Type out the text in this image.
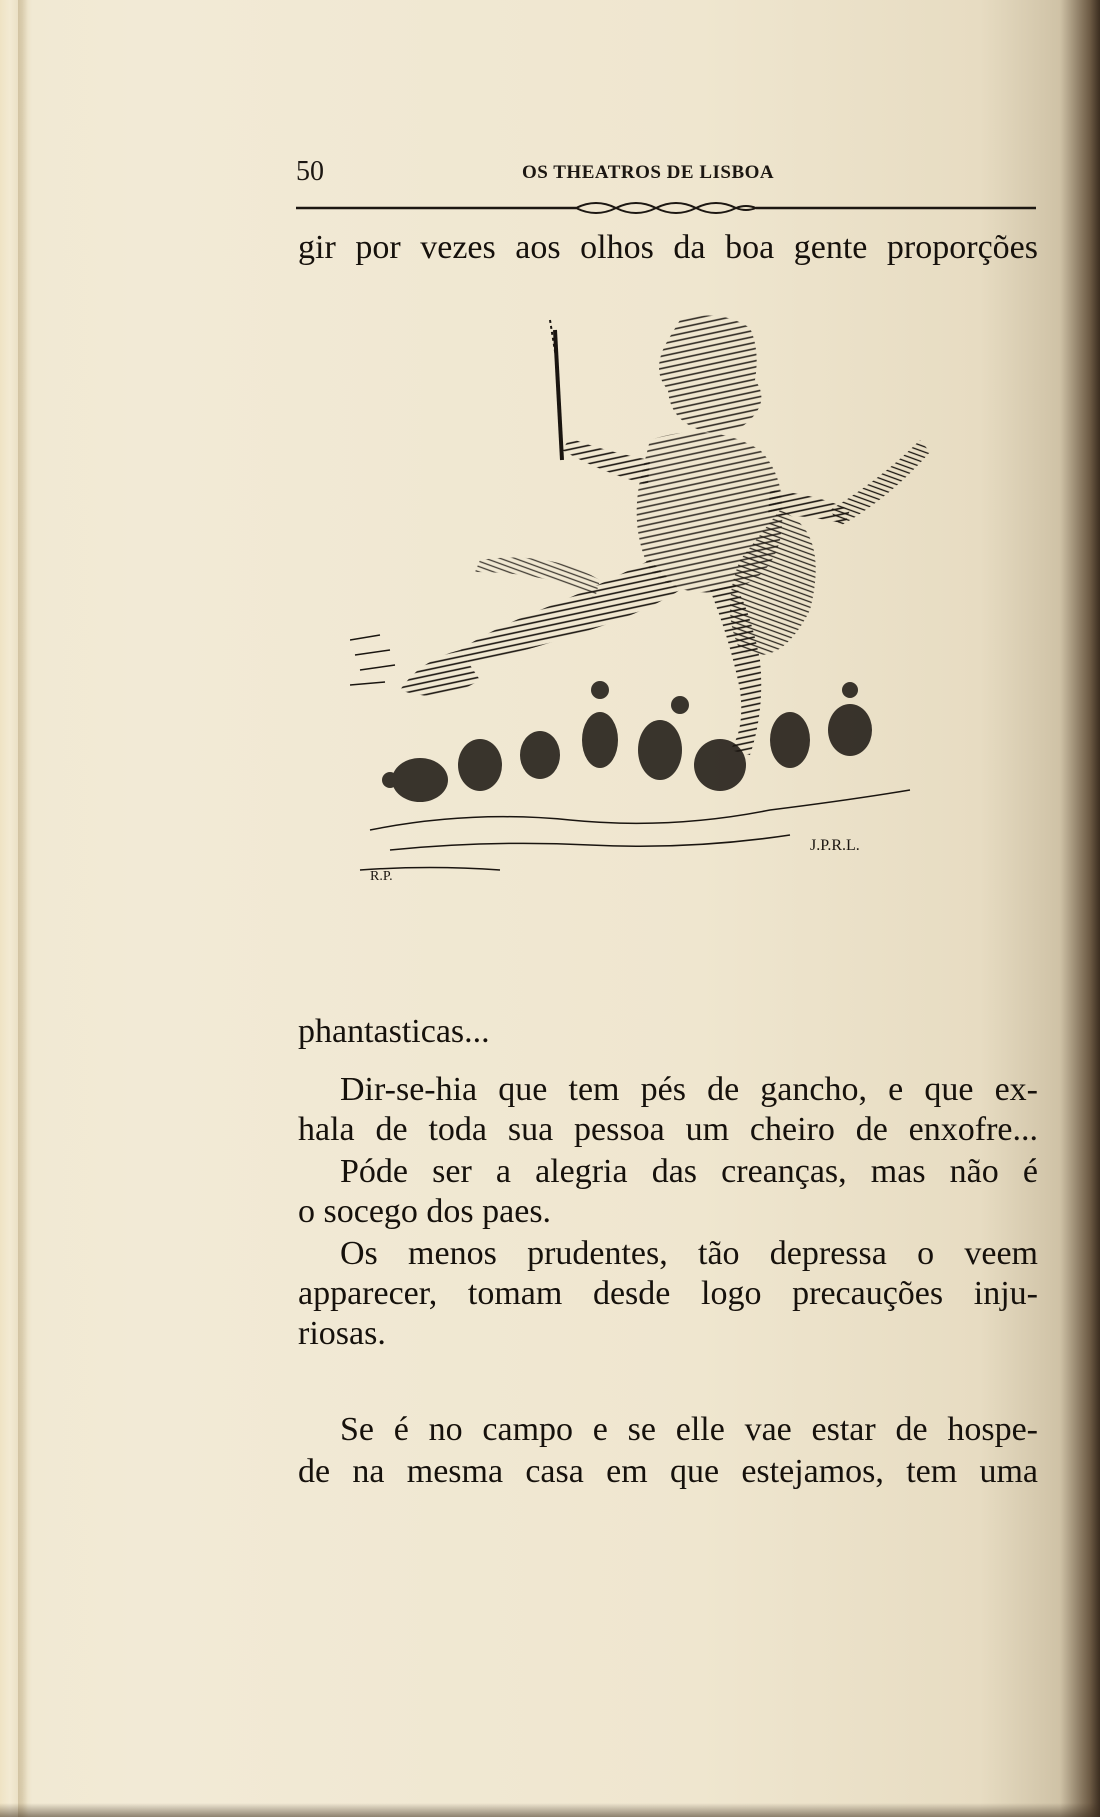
50	OS THEATROS DE LISBOA
gir por vezes aos olhos da boa gente proporções
J.P.R.L.
R.P.
phantasticas...
Dir-se-hia que tem pés de gancho, e que ex-
hala de toda sua pessoa um cheiro de enxofre...
Póde ser a alegria das creanças, mas não é
o socego dos paes.
Os menos prudentes, tão depressa o veem
apparecer, tomam desde logo precauções inju-
riosas.
Se é no campo e se elle vae estar de hospe-
de na mesma casa em que estejamos, tem uma
